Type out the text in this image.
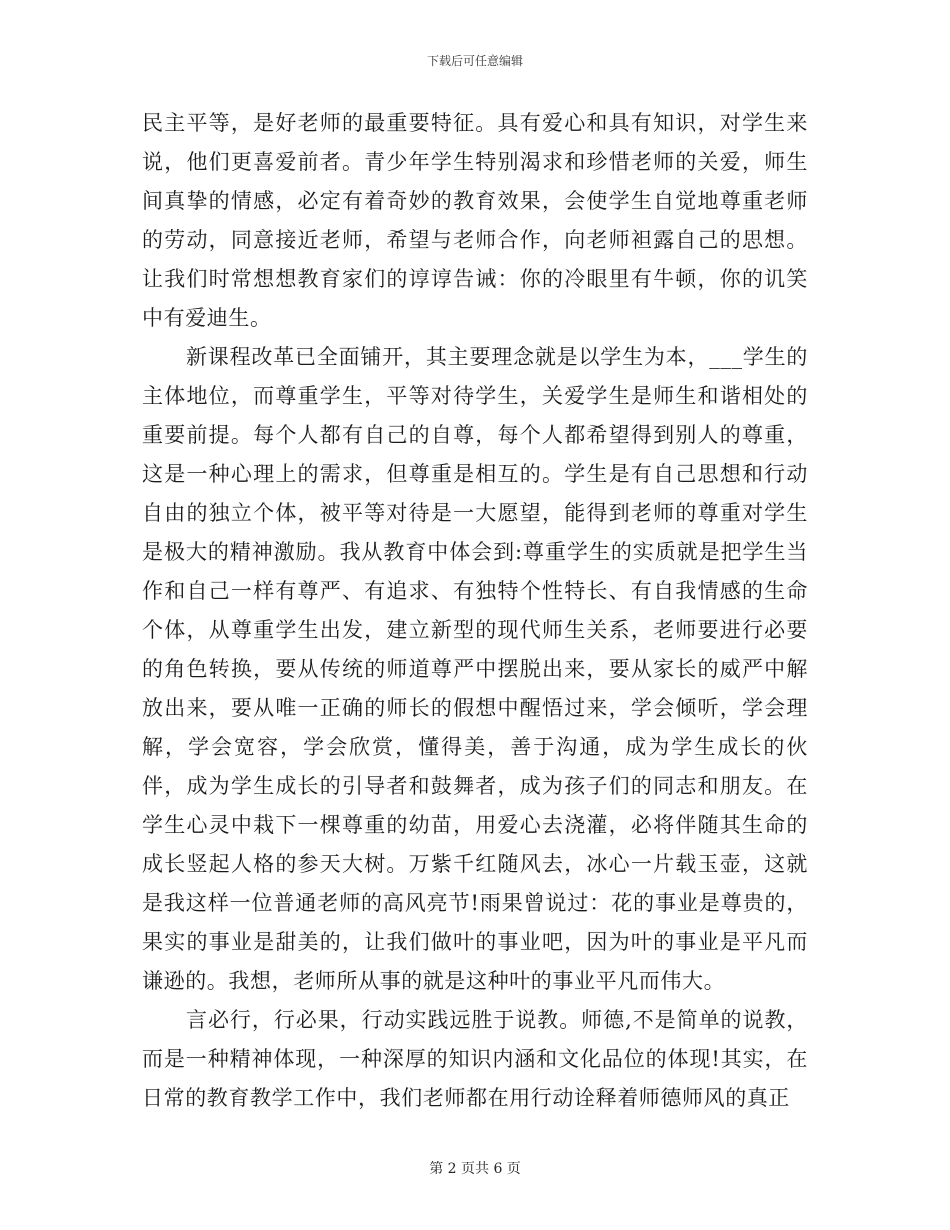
下载后可任意编辑

民主平等，是好老师的最重要特征。具有爱心和具有知识，对学生来说，他们更喜爱前者。青少年学生特别渴求和珍惜老师的关爱，师生间真挚的情感，必定有着奇妙的教育效果，会使学生自觉地尊重老师的劳动，同意接近老师，希望与老师合作，向老师袒露自己的思想。让我们时常想想教育家们的谆谆告诫：你的冷眼里有牛顿，你的讥笑中有爱迪生。

新课程改革已全面铺开，其主要理念就是以学生为本，___学生的主体地位，而尊重学生，平等对待学生，关爱学生是师生和谐相处的重要前提。每个人都有自己的自尊，每个人都希望得到别人的尊重，这是一种心理上的需求，但尊重是相互的。学生是有自己思想和行动自由的独立个体，被平等对待是一大愿望，能得到老师的尊重对学生是极大的精神激励。我从教育中体会到:尊重学生的实质就是把学生当作和自己一样有尊严、有追求、有独特个性特长、有自我情感的生命个体，从尊重学生出发，建立新型的现代师生关系，老师要进行必要的角色转换，要从传统的师道尊严中摆脱出来，要从家长的威严中解放出来，要从唯一正确的师长的假想中醒悟过来，学会倾听，学会理解，学会宽容，学会欣赏，懂得美，善于沟通，成为学生成长的伙伴，成为学生成长的引导者和鼓舞者，成为孩子们的同志和朋友。在学生心灵中栽下一棵尊重的幼苗，用爱心去浇灌，必将伴随其生命的成长竖起人格的参天大树。万紫千红随风去，冰心一片载玉壶，这就是我这样一位普通老师的高风亮节!雨果曾说过：花的事业是尊贵的，果实的事业是甜美的，让我们做叶的事业吧，因为叶的事业是平凡而谦逊的。我想，老师所从事的就是这种叶的事业平凡而伟大。

言必行，行必果，行动实践远胜于说教。师德,不是简单的说教，而是一种精神体现，一种深厚的知识内涵和文化品位的体现!其实，在日常的教育教学工作中，我们老师都在用行动诠释着师德师风的真正

第 2 页共 6 页
